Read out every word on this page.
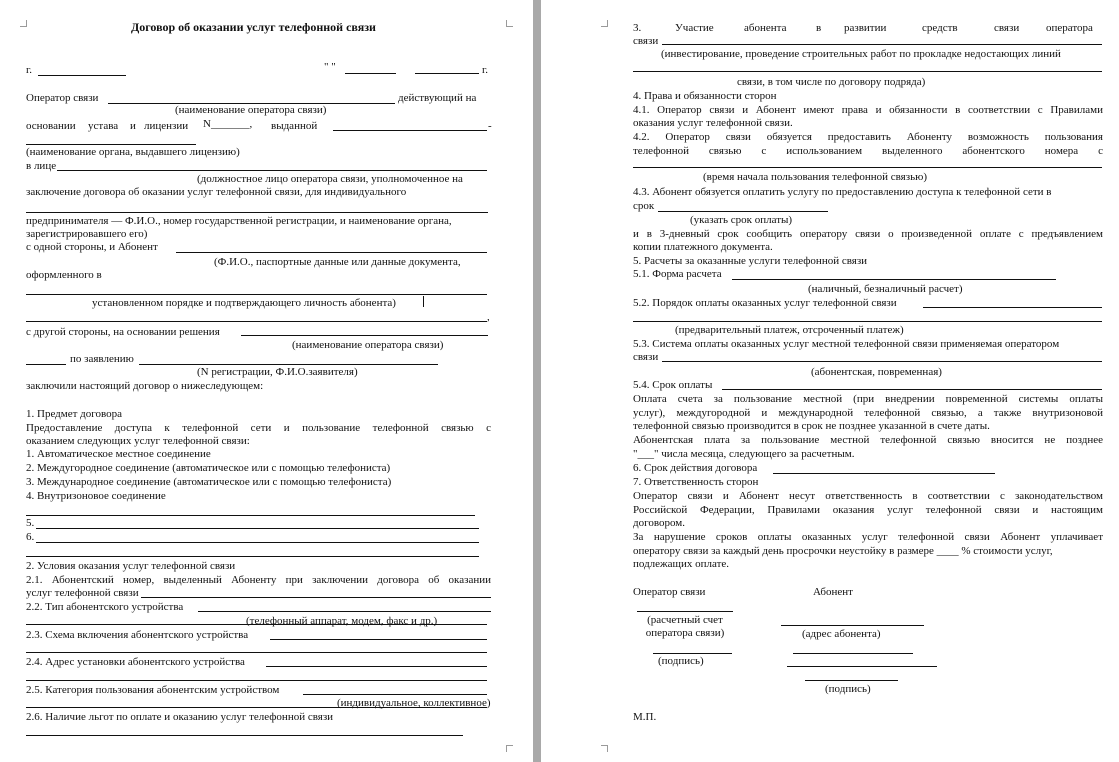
Договор об оказании услуг телефонной связи
г.	" "	г.
Оператор связи	действующий на
(наименование оператора связи)
основании устава и лицензии N_______, выданной	-
(наименование органа, выдавшего лицензию)
в лице
(должностное лицо оператора связи, уполномоченное на
заключение договора об оказании услуг телефонной связи, для индивидуального
предпринимателя — Ф.И.О., номер государственной регистрации, и наименование органа,
зарегистрировавшего его)
с одной стороны, и Абонент
(Ф.И.О., паспортные данные или данные документа,
оформленного в
установленном порядке и подтверждающего личность абонента)
,
с другой стороны, на основании решения
(наименование оператора связи)
по заявлению
(N регистрации, Ф.И.О.заявителя)
заключили настоящий договор о нижеследующем:
1. Предмет договора
Предоставление доступа к телефонной сети и пользование телефонной связью с
оказанием следующих услуг телефонной связи:
1. Автоматическое местное соединение
2. Междугородное соединение (автоматическое или с помощью телефониста)
3. Международное соединение (автоматическое или с помощью телефониста)
4. Внутризоновое соединение
5.
6.
2. Условия оказания услуг телефонной связи
2.1. Абонентский номер, выделенный Абоненту при заключении договора об оказании
услуг телефонной связи
2.2. Тип абонентского устройства
(телефонный аппарат, модем, факс и др.)
2.3. Схема включения абонентского устройства
2.4. Адрес установки абонентского устройства
2.5. Категория пользования абонентским устройством
(индивидуальное, коллективное)
2.6. Наличие льгот по оплате и оказанию услуг телефонной связи
3.	Участие	абонента	в развитии	средств	связи оператора
связи
(инвестирование, проведение строительных работ по прокладке недостающих линий
связи, в том числе по договору подряда)
4. Права и обязанности сторон
4.1. Оператор связи и Абонент имеют права и обязанности в соответствии с Правилами
оказания услуг телефонной связи.
4.2. Оператор связи обязуется предоставить Абоненту возможность пользования
телефонной связью с использованием выделенного абонентского номера с
(время начала пользования телефонной связью)
4.3. Абонент обязуется оплатить услугу по предоставлению доступа к телефонной сети в
срок
(указать срок оплаты)
и в 3-дневный срок сообщить оператору связи о произведенной оплате с предъявлением
копии платежного документа.
5. Расчеты за оказанные услуги телефонной связи
5.1. Форма расчета
(наличный, безналичный расчет)
5.2. Порядок оплаты оказанных услуг телефонной связи
(предварительный платеж, отсроченный платеж)
5.3. Система оплаты оказанных услуг местной телефонной связи применяемая оператором
связи
(абонентская, повременная)
5.4. Срок оплаты
Оплата счета за пользование местной (при внедрении повременной системы оплаты
услуг), междугородной и международной телефонной связью, а также внутризоновой
телефонной связью производится в срок не позднее указанной в счете даты.
Абонентская плата за пользование местной телефонной связью вносится не позднее
"___" числа месяца, следующего за расчетным.
6. Срок действия договора
7. Ответственность сторон
Оператор связи и Абонент несут ответственность в соответствии с законодательством
Российской Федерации, Правилами оказания услуг телефонной связи и настоящим
договором.
За нарушение сроков оплаты оказанных услуг телефонной связи Абонент уплачивает
оператору связи за каждый день просрочки неустойку в размере ____ % стоимости услуг,
подлежащих оплате.
Оператор связи	Абонент
(расчетный счет
оператора связи)	(адрес абонента)
(подпись)
(подпись)
М.П.
